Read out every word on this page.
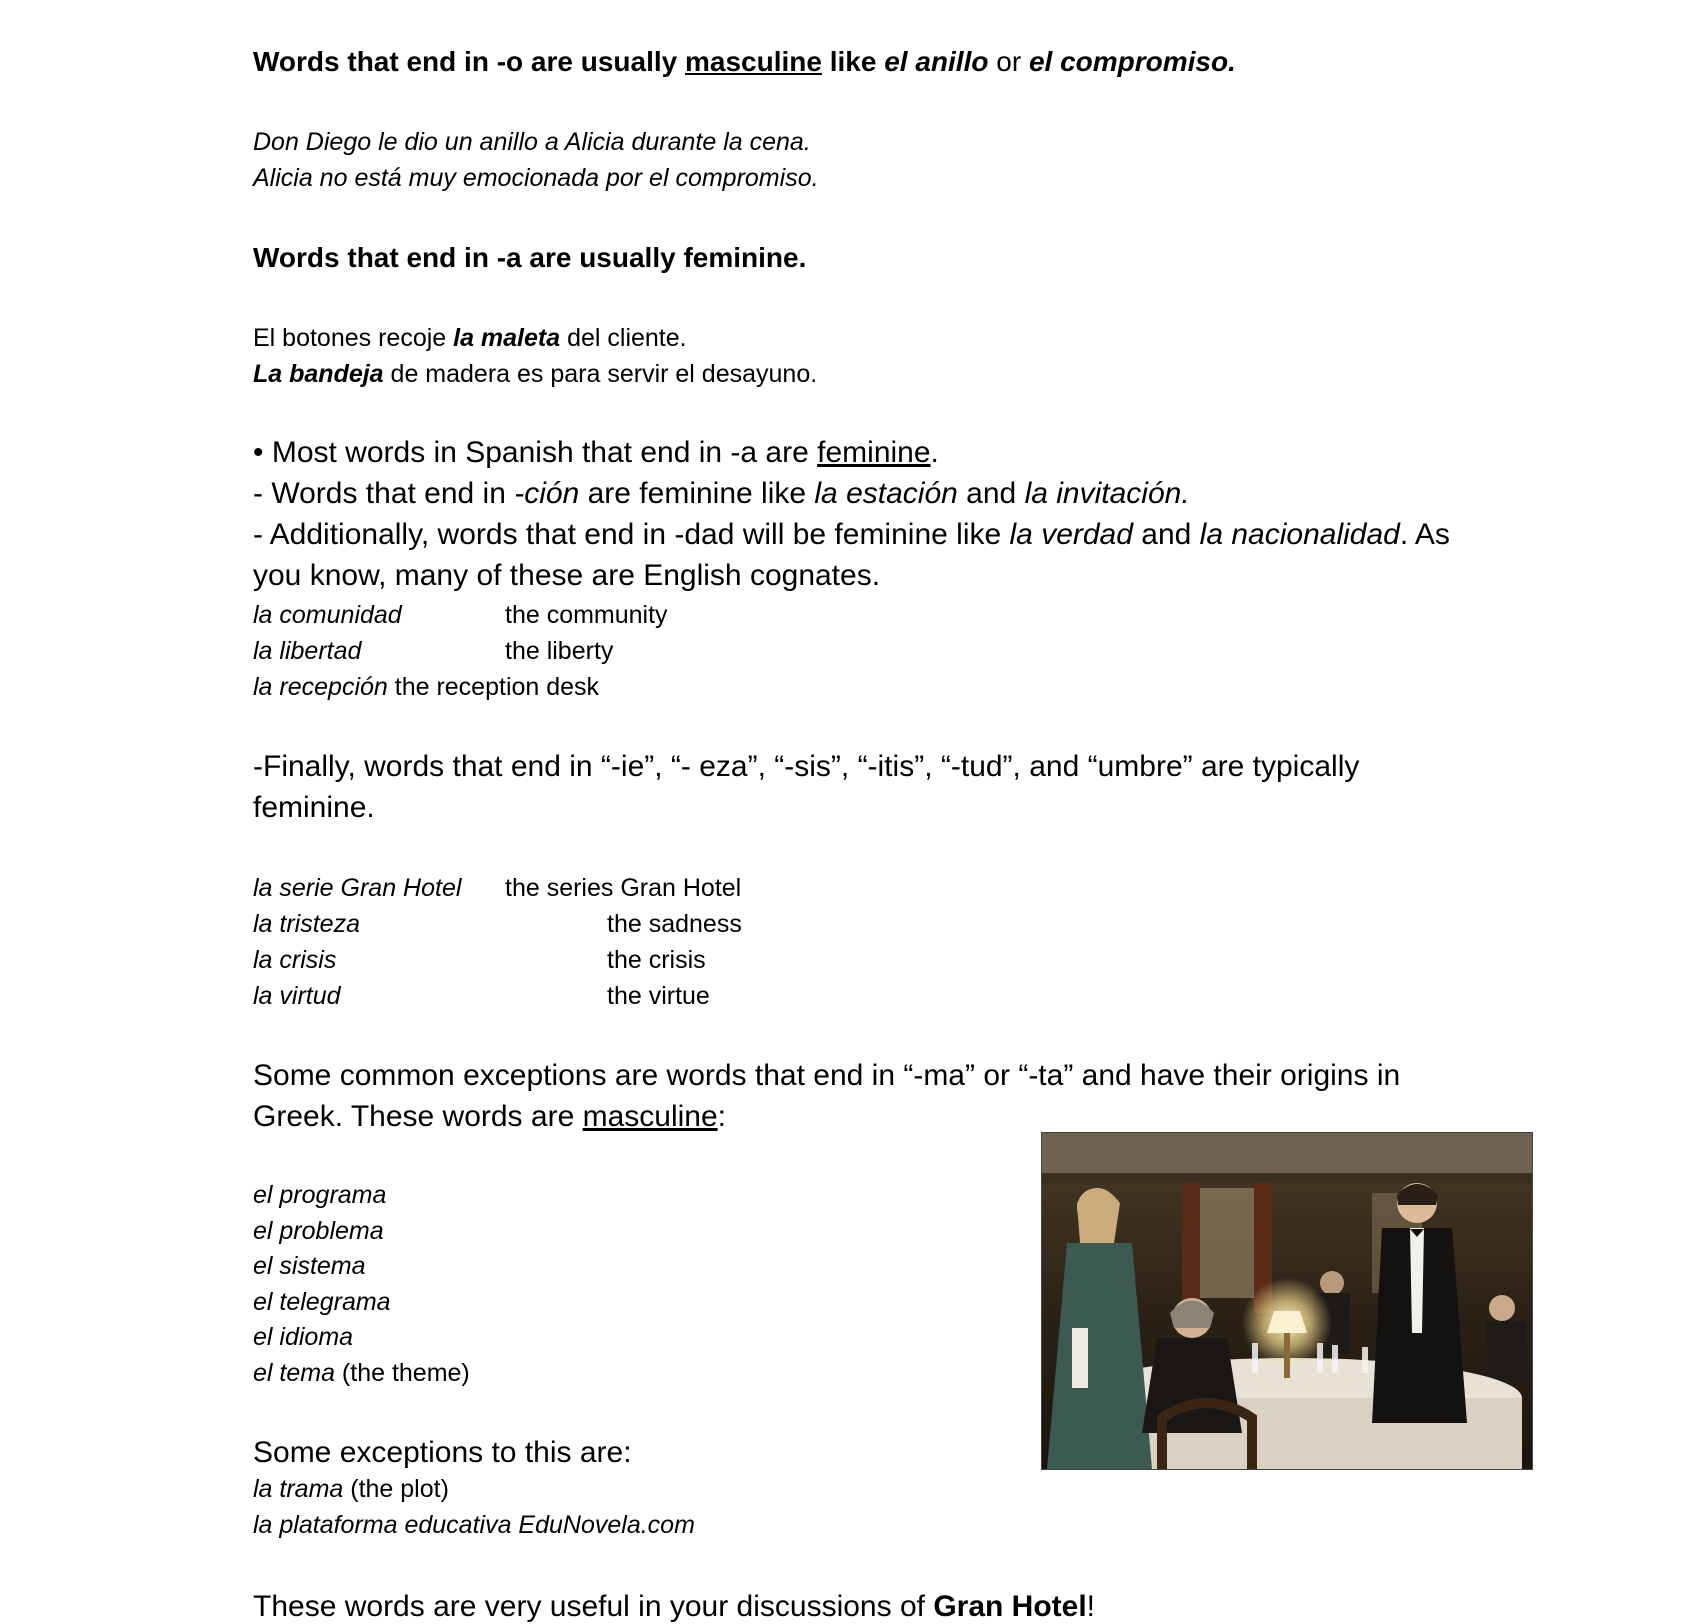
Words that end in -o are usually masculine like el anillo or el compromiso.
Don Diego le dio un anillo a Alicia durante la cena.
Alicia no está muy emocionada por el compromiso.
Words that end in -a are usually feminine.
El botones recoje la maleta del cliente.
La bandeja de madera es para servir el desayuno.
• Most words in Spanish that end in -a are feminine.
- Words that end in -ción are feminine like la estación and la invitación.
- Additionally, words that end in -dad will be feminine like la verdad and la nacionalidad. As
you know, many of these are English cognates.
la comunidad	the community
la libertad	the liberty
la recepción the reception desk
-Finally, words that end in “-ie”, “- eza”, “-sis”, “-itis”, “-tud”, and “umbre” are typically
feminine.
la serie Gran Hotel the series Gran Hotel
la tristeza	the sadness
la crisis	the crisis
la virtud	the virtue
Some common exceptions are words that end in “-ma” or “-ta” and have their origins in
Greek. These words are masculine:
el programa
el problema
el sistema
el telegrama
el idioma
el tema (the theme)
Some exceptions to this are:
la trama (the plot)
la plataforma educativa EduNovela.com
These words are very useful in your discussions of Gran Hotel!
